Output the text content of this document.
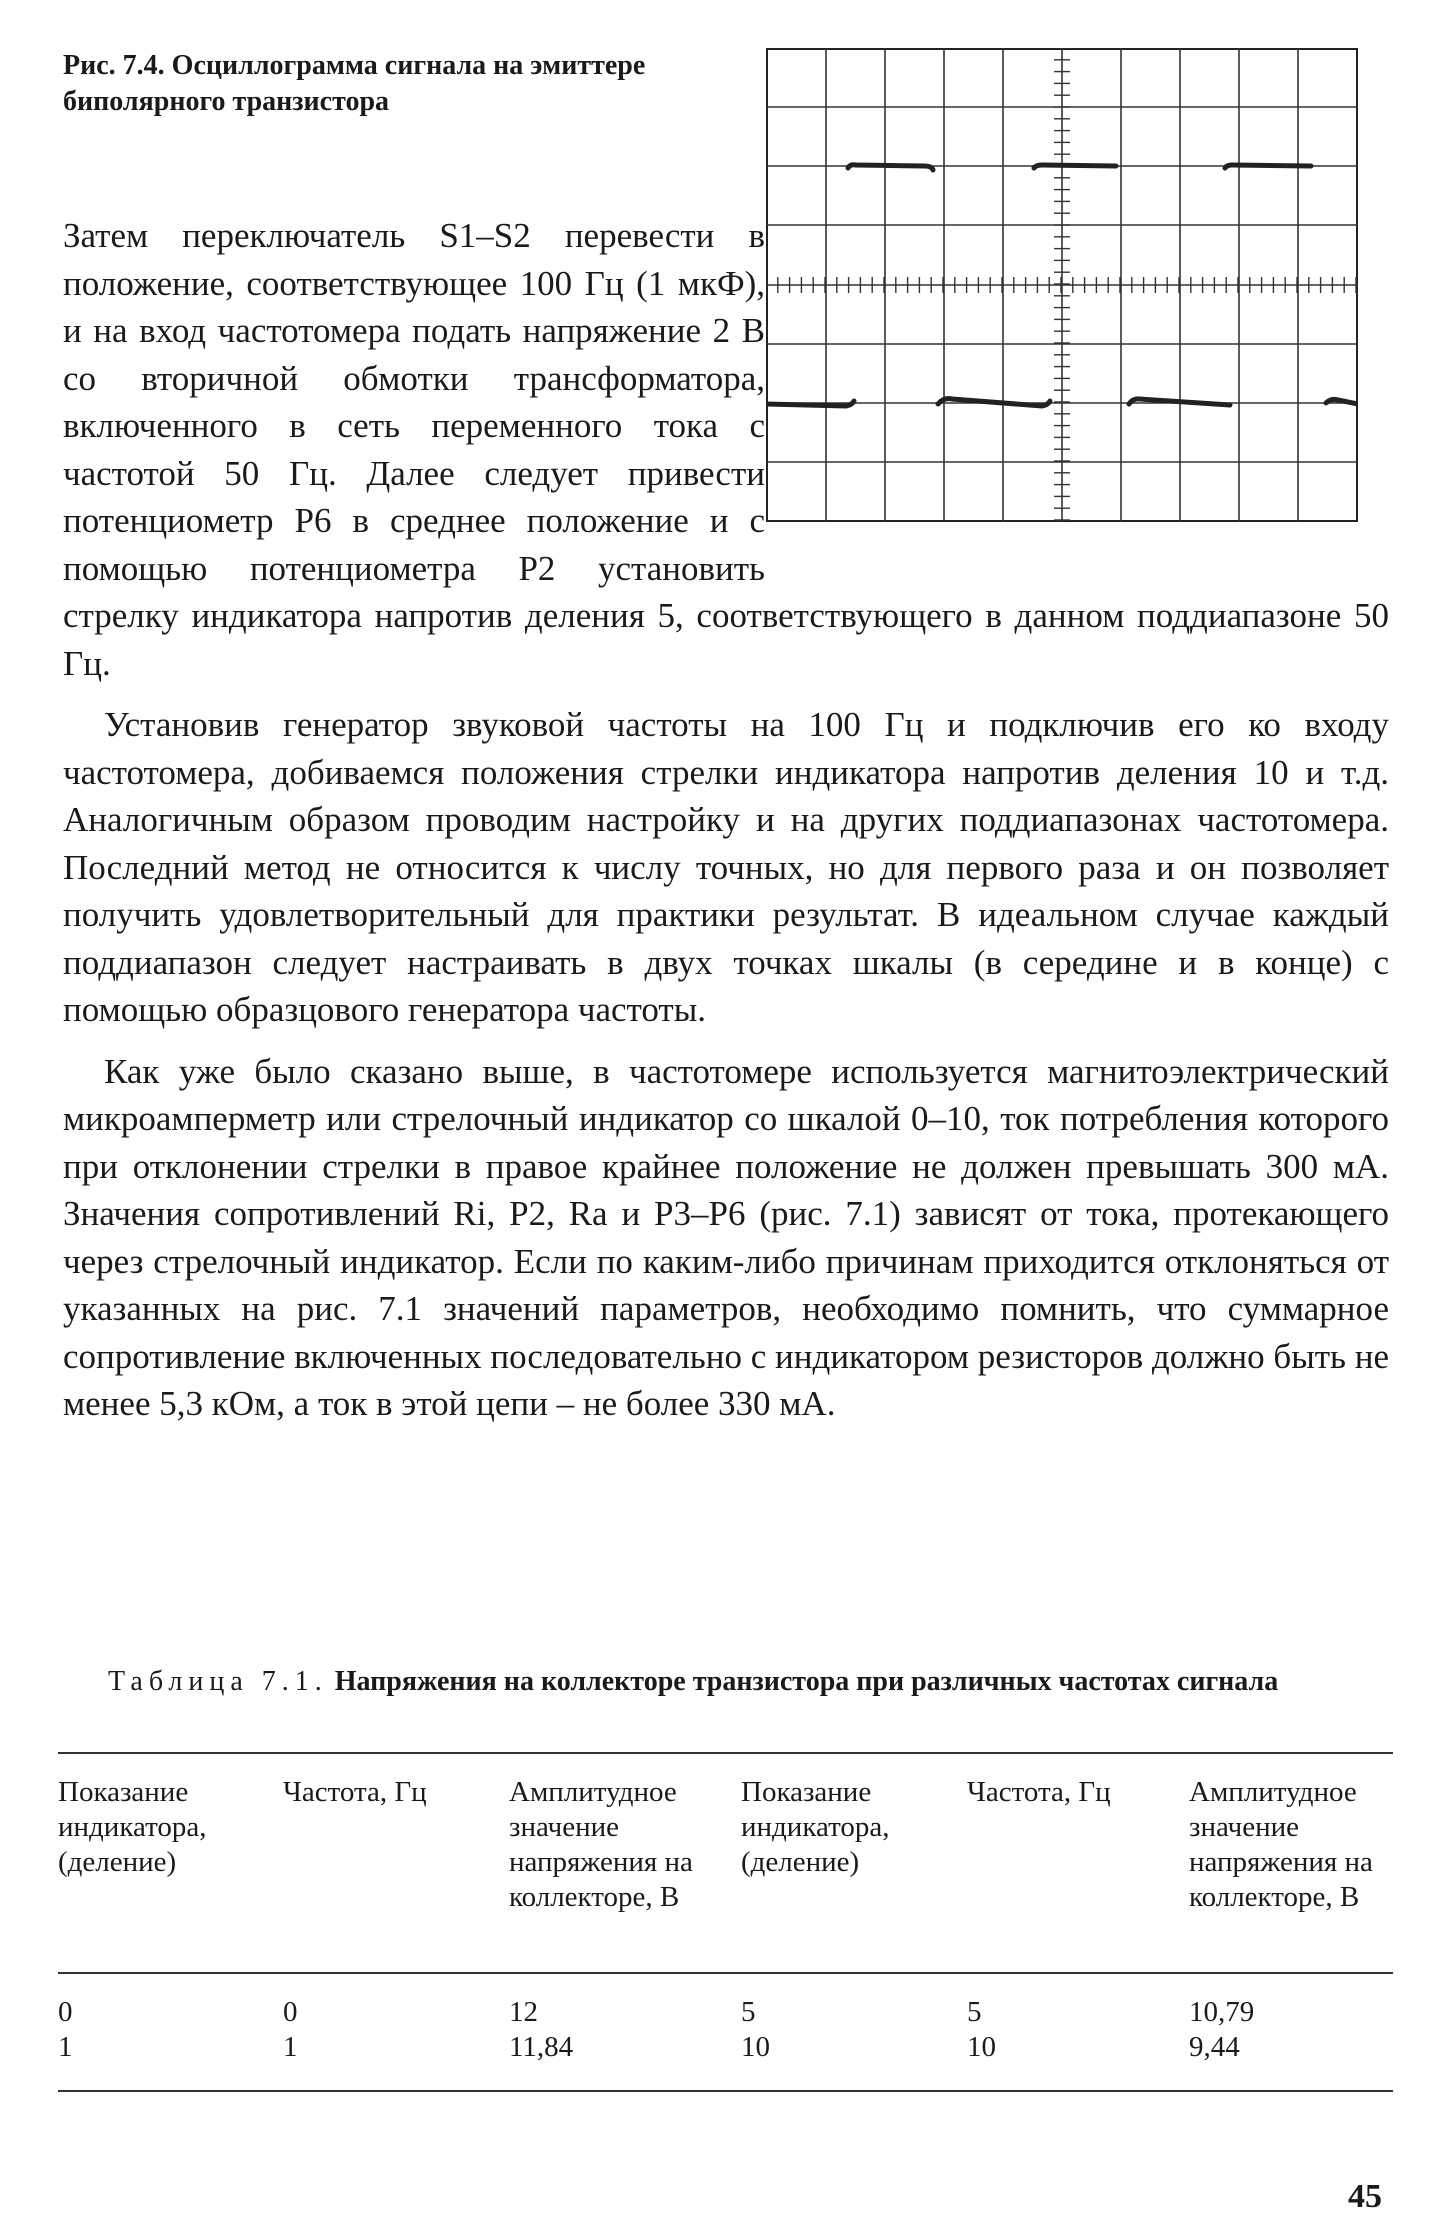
Рис. 7.4. Осциллограмма сигнала на эмиттере биполярного транзистора

Затем переключатель S1–S2 перевести в положение, соответствующее 100 Гц (1 мкФ), и на вход частотомера подать напряжение 2 В со вторичной обмотки трансформатора, включенного в сеть переменного тока с частотой 50 Гц. Далее следует привести потенциометр P6 в среднее положение и с помощью потенциометра P2 установить стрелку индикатора напротив деления 5, соответствующего в данном поддиапазоне 50 Гц.

Установив генератор звуковой частоты на 100 Гц и подключив его ко входу частотомера, добиваемся положения стрелки индикатора напротив деления 10 и т.д. Аналогичным образом проводим настройку и на других поддиапазонах частотомера. Последний метод не относится к числу точных, но для первого раза и он позволяет получить удовлетворительный для практики результат. В идеальном случае каждый поддиапазон следует настраивать в двух точках шкалы (в середине и в конце) с помощью образцового генератора частоты.

Как уже было сказано выше, в частотомере используется магнитоэлектрический микроамперметр или стрелочный индикатор со шкалой 0–10, ток потребления которого при отклонении стрелки в правое крайнее положение не должен превышать 300 мА. Значения сопротивлений Ri, P2, Ra и P3–P6 (рис. 7.1) зависят от тока, протекающего через стрелочный индикатор. Если по каким-либо причинам приходится отклоняться от указанных на рис. 7.1 значений параметров, необходимо помнить, что суммарное сопротивление включенных последовательно с индикатором резисторов должно быть не менее 5,3 кОм, а ток в этой цепи – не более 330 мА.

Таблица 7.1. Напряжения на коллекторе транзистора при различных частотах сигнала
Показание индикатора, (деление)	Частота, Гц	Амплитудное значение напряжения на коллекторе, В	Показание индикатора, (деление)	Частота, Гц	Амплитудное значение напряжения на коллекторе, В

0	0	12	5	5	10,79
1	1	11,84	10	10	9,44
45
